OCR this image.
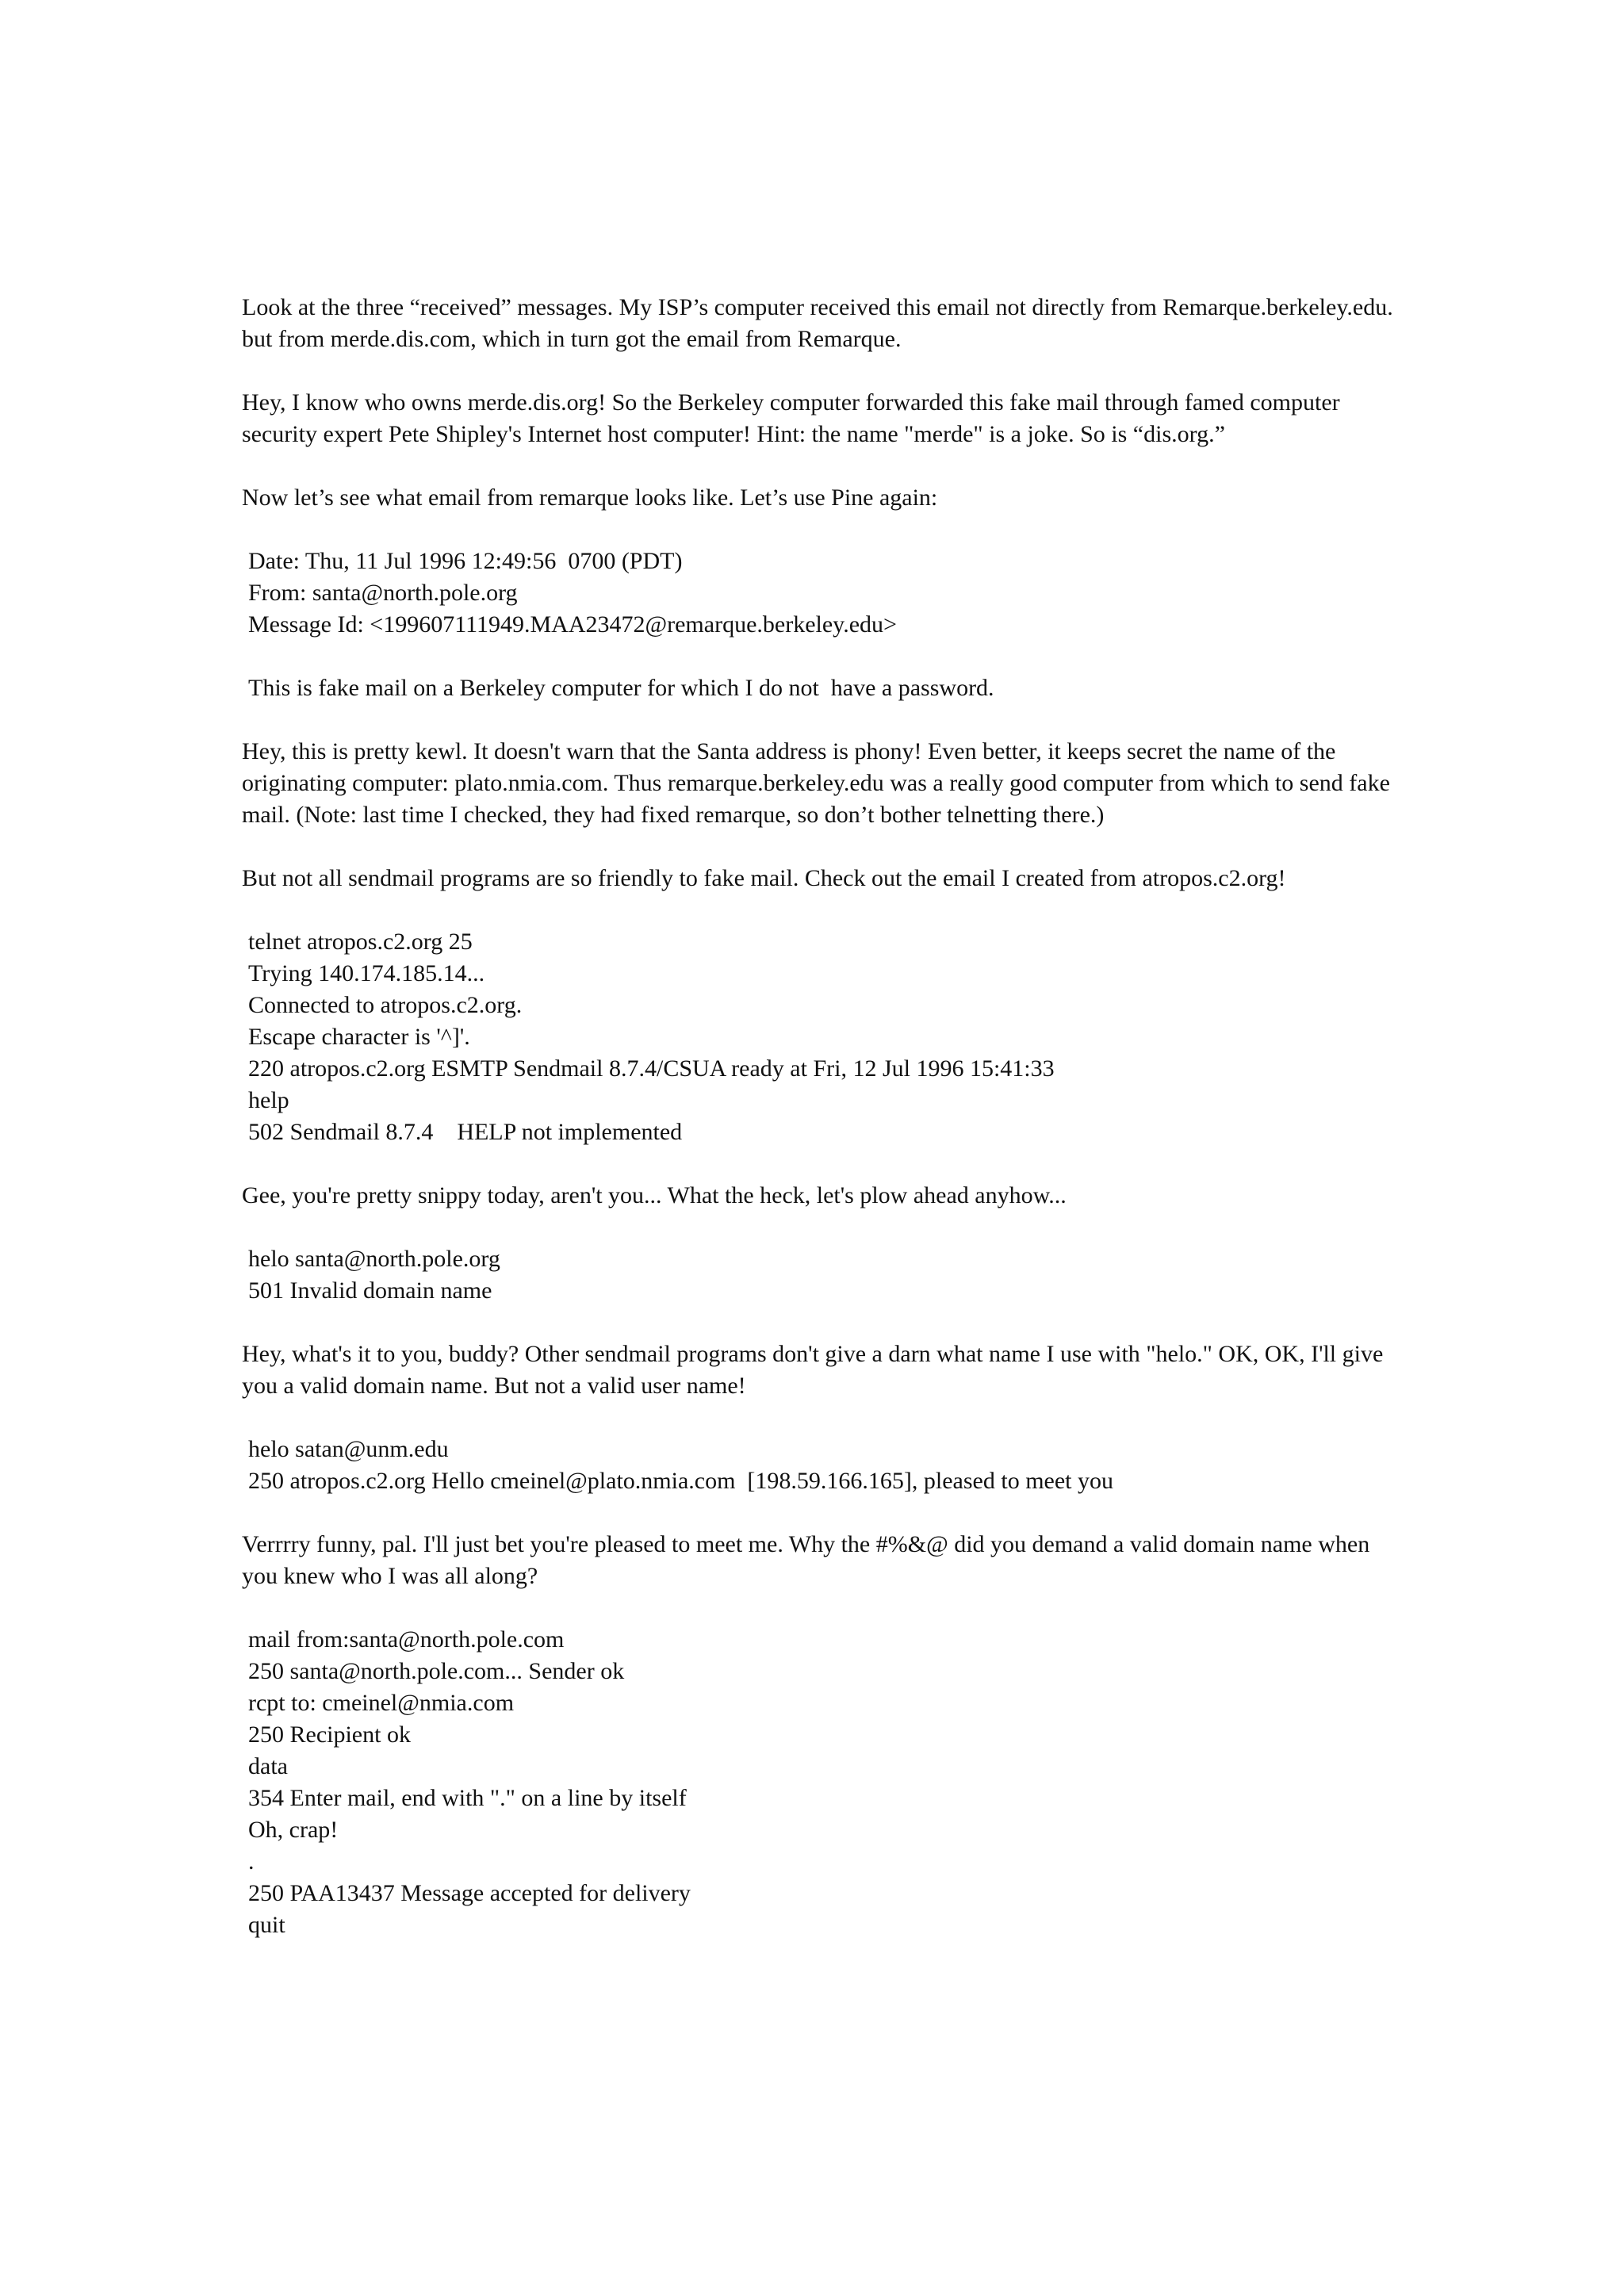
Look at the three “received” messages. My ISP’s computer received this email not directly from Remarque.berkeley.edu. but from merde.dis.com, which in turn got the email from Remarque.

Hey, I know who owns merde.dis.org! So the Berkeley computer forwarded this fake mail through famed computer security expert Pete Shipley's Internet host computer! Hint: the name "merde" is a joke. So is “dis.org.”

Now let’s see what email from remarque looks like. Let’s use Pine again:

Date: Thu, 11 Jul 1996 12:49:56  0700 (PDT)
From: santa@north.pole.org
Message Id: <199607111949.MAA23472@remarque.berkeley.edu>
This is fake mail on a Berkeley computer for which I do not  have a password.

Hey, this is pretty kewl. It doesn't warn that the Santa address is phony! Even better, it keeps secret the name of the originating computer: plato.nmia.com. Thus remarque.berkeley.edu was a really good computer from which to send fake mail. (Note: last time I checked, they had fixed remarque, so don’t bother telnetting there.)

But not all sendmail programs are so friendly to fake mail. Check out the email I created from atropos.c2.org!

telnet atropos.c2.org 25
Trying 140.174.185.14...
Connected to atropos.c2.org.
Escape character is '^]'.
220 atropos.c2.org ESMTP Sendmail 8.7.4/CSUA ready at Fri, 12 Jul 1996 15:41:33
help
502 Sendmail 8.7.4    HELP not implemented

Gee, you're pretty snippy today, aren't you... What the heck, let's plow ahead anyhow...

helo santa@north.pole.org
501 Invalid domain name

Hey, what's it to you, buddy? Other sendmail programs don't give a darn what name I use with "helo." OK, OK, I'll give you a valid domain name. But not a valid user name!

helo satan@unm.edu
250 atropos.c2.org Hello cmeinel@plato.nmia.com  [198.59.166.165], pleased to meet you

Verrrry funny, pal. I'll just bet you're pleased to meet me. Why the #%&@ did you demand a valid domain name when you knew who I was all along?

mail from:santa@north.pole.com
250 santa@north.pole.com... Sender ok
rcpt to: cmeinel@nmia.com
250 Recipient ok
data
354 Enter mail, end with "." on a line by itself
Oh, crap!
.
250 PAA13437 Message accepted for delivery
quit
